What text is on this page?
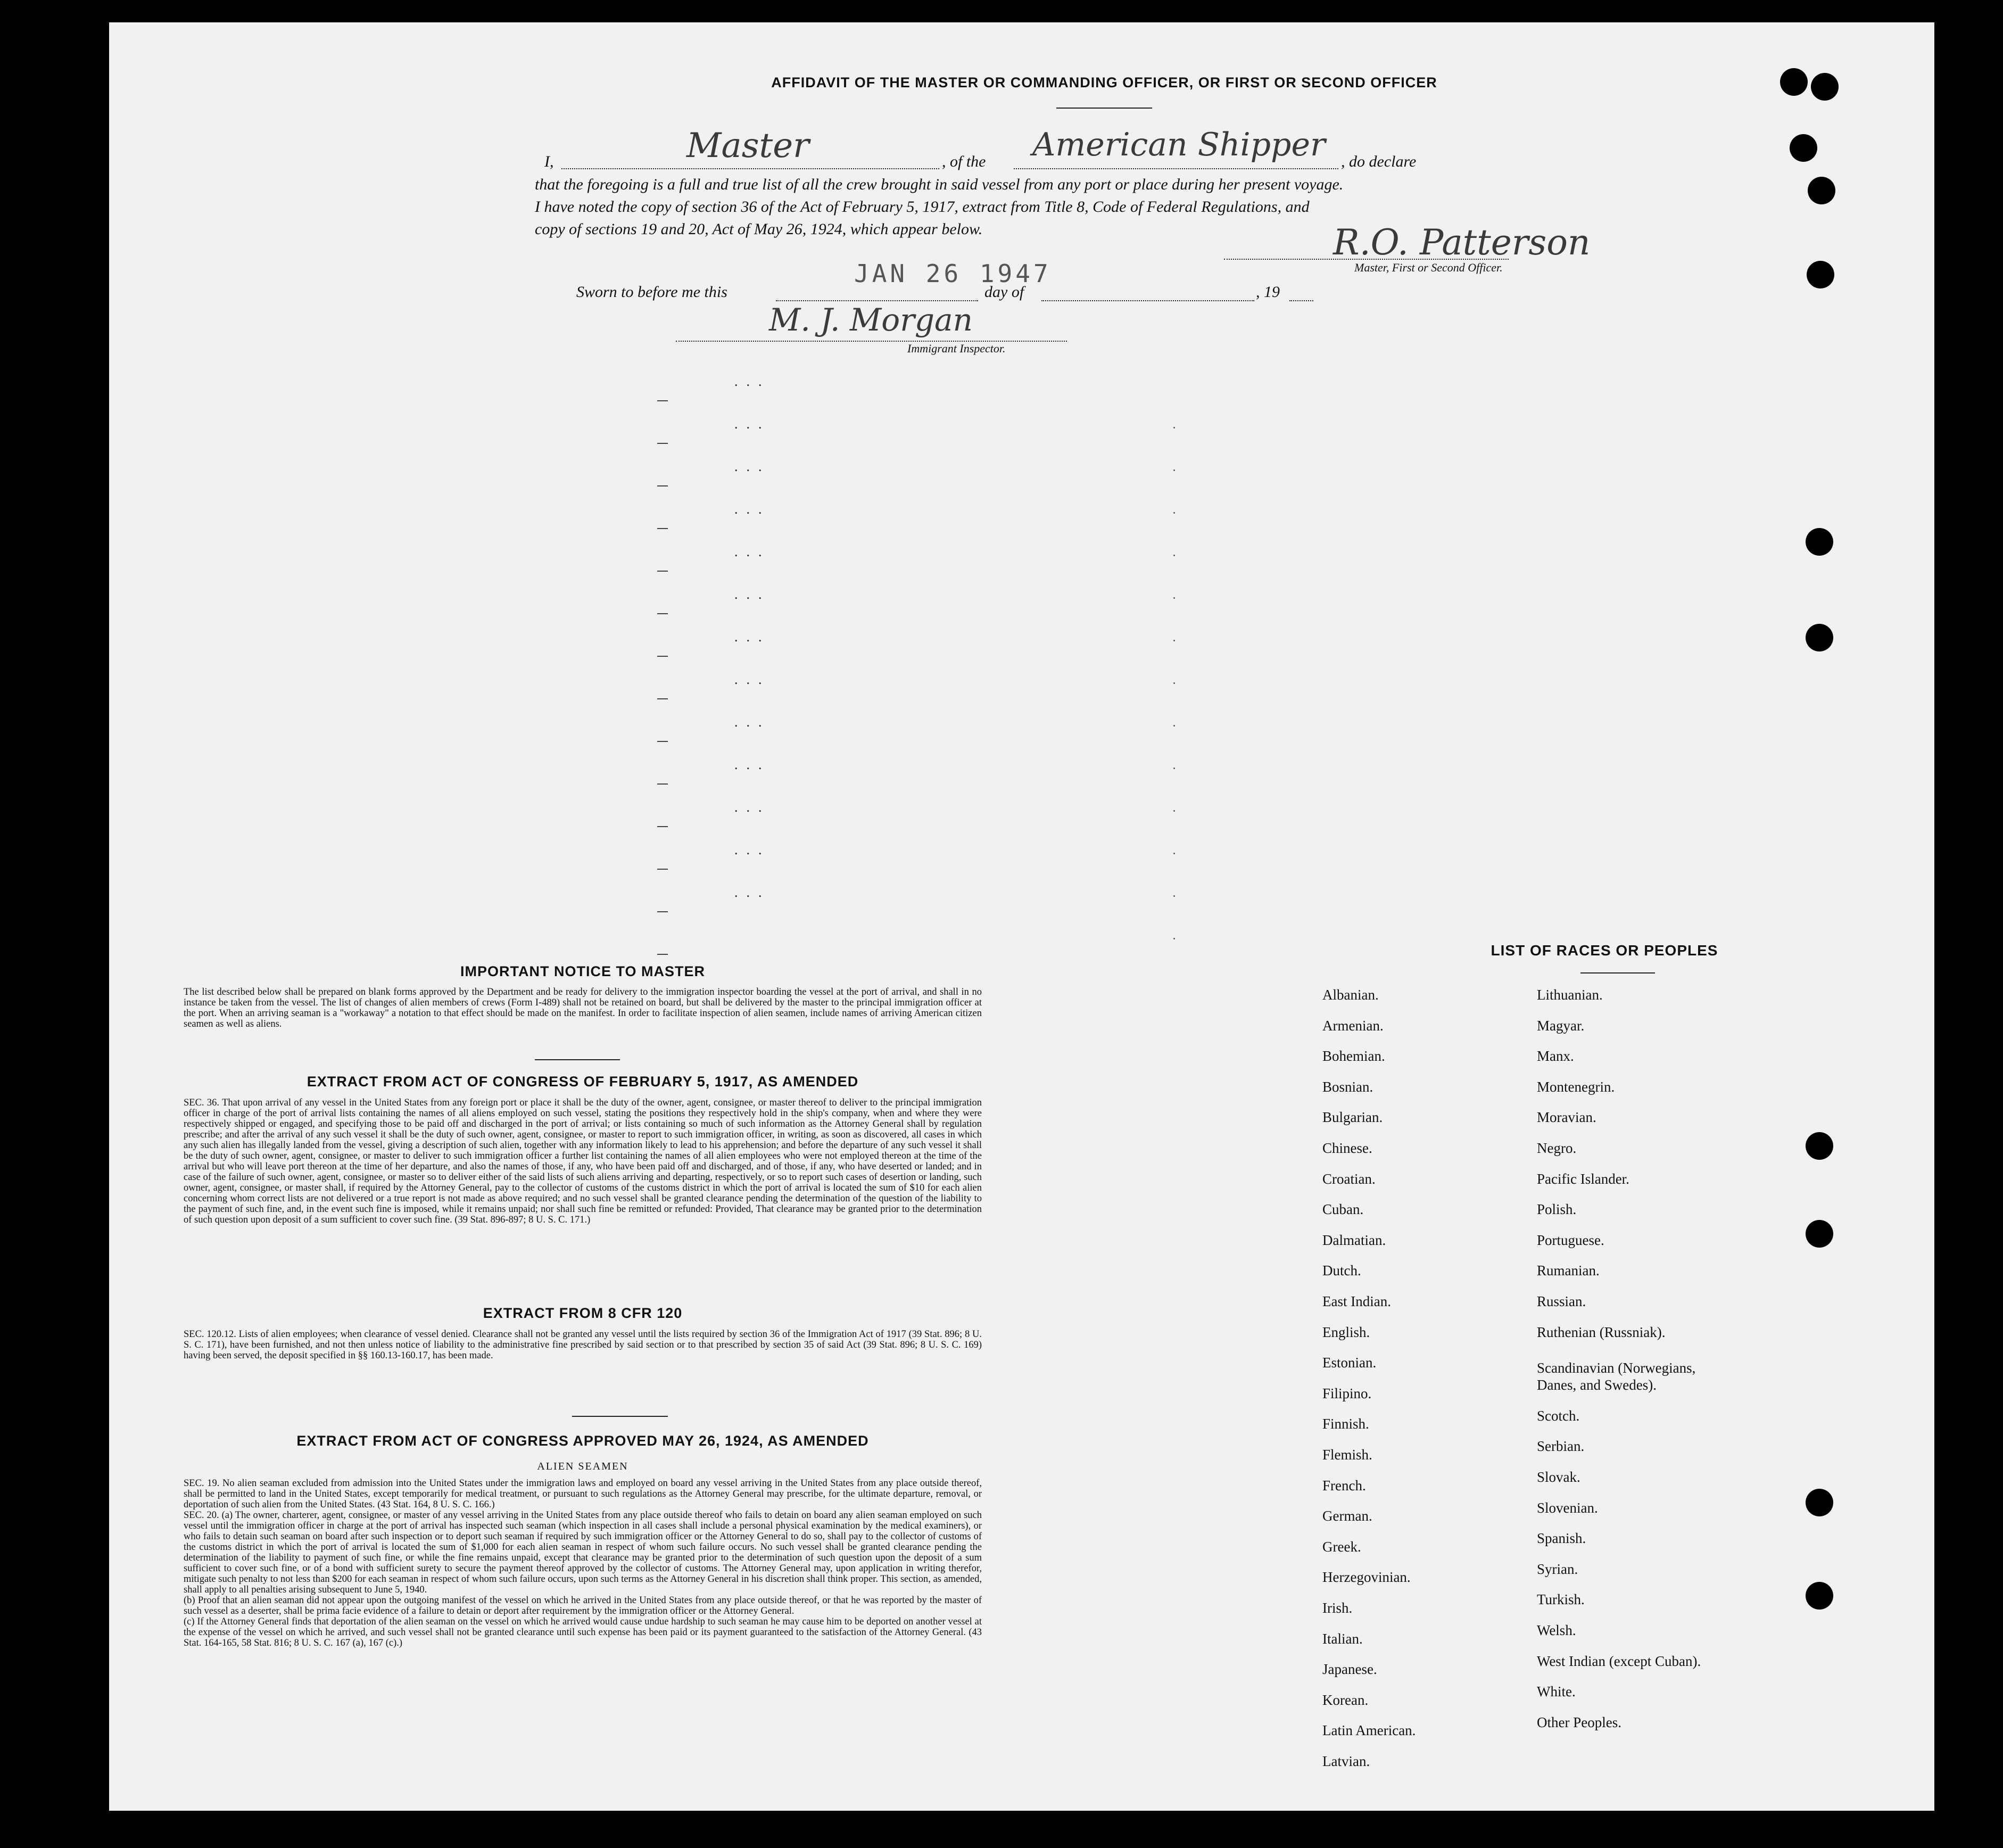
AFFIDAVIT OF THE MASTER OR COMMANDING OFFICER, OR FIRST OR SECOND OFFICER
I,	Master	, of the American Shipper , do declare
that the foregoing is a full and true list of all the crew brought in said vessel from any port or place during her present voyage.
I have noted the copy of section 36 of the Act of February 5, 1917, extract from Title 8, Code of Federal Regulations, and
copy of sections 19 and 20, Act of May 26, 1924, which appear below.	R.O. Patterson
Master, First or Second Officer.
JAN 26 1947
Sworn to before me this	day of	, 19
M. J. Morgan
Immigrant Inspector.
...
...
...
...
...
...
...
...
...
...
...
...
...
IMPORTANT NOTICE TO MASTER
The list described below shall be prepared on blank forms approved by the Department and be ready for delivery to the immigration inspector boarding the vessel at the port of arrival, and shall in no instance be taken from the vessel. The list of changes of alien members of crews (Form I-489) shall not be retained on board, but shall be delivered by the master to the principal immigration officer at the port. When an arriving seaman is a "workaway" a notation to that effect should be made on the manifest. In order to facilitate inspection of alien seamen, include names of arriving American citizen seamen as well as aliens.
EXTRACT FROM ACT OF CONGRESS OF FEBRUARY 5, 1917, AS AMENDED
SEC. 36. That upon arrival of any vessel in the United States from any foreign port or place it shall be the duty of the owner, agent, consignee, or master thereof to deliver to the principal immigration officer in charge of the port of arrival lists containing the names of all aliens employed on such vessel, stating the positions they respectively hold in the ship's company, when and where they were respectively shipped or engaged, and specifying those to be paid off and discharged in the port of arrival; or lists containing so much of such information as the Attorney General shall by regulation prescribe; and after the arrival of any such vessel it shall be the duty of such owner, agent, consignee, or master to report to such immigration officer, in writing, as soon as discovered, all cases in which any such alien has illegally landed from the vessel, giving a description of such alien, together with any information likely to lead to his apprehension; and before the departure of any such vessel it shall be the duty of such owner, agent, consignee, or master to deliver to such immigration officer a further list containing the names of all alien employees who were not employed thereon at the time of the arrival but who will leave port thereon at the time of her departure, and also the names of those, if any, who have been paid off and discharged, and of those, if any, who have deserted or landed; and in case of the failure of such owner, agent, consignee, or master so to deliver either of the said lists of such aliens arriving and departing, respectively, or so to report such cases of desertion or landing, such owner, agent, consignee, or master shall, if required by the Attorney General, pay to the collector of customs of the customs district in which the port of arrival is located the sum of $10 for each alien concerning whom correct lists are not delivered or a true report is not made as above required; and no such vessel shall be granted clearance pending the determination of the question of the liability to the payment of such fine, and, in the event such fine is imposed, while it remains unpaid; nor shall such fine be remitted or refunded: Provided, That clearance may be granted prior to the determination of such question upon deposit of a sum sufficient to cover such fine. (39 Stat. 896-897; 8 U. S. C. 171.)
EXTRACT FROM 8 CFR 120
SEC. 120.12. Lists of alien employees; when clearance of vessel denied. Clearance shall not be granted any vessel until the lists required by section 36 of the Immigration Act of 1917 (39 Stat. 896; 8 U. S. C. 171), have been furnished, and not then unless notice of liability to the administrative fine prescribed by said section or to that prescribed by section 35 of said Act (39 Stat. 896; 8 U. S. C. 169) having been served, the deposit specified in §§ 160.13-160.17, has been made.
EXTRACT FROM ACT OF CONGRESS APPROVED MAY 26, 1924, AS AMENDED
ALIEN SEAMEN
SEC. 19. No alien seaman excluded from admission into the United States under the immigration laws and employed on board any vessel arriving in the United States from any place outside thereof, shall be permitted to land in the United States, except temporarily for medical treatment, or pursuant to such regulations as the Attorney General may prescribe, for the ultimate departure, removal, or deportation of such alien from the United States. (43 Stat. 164, 8 U. S. C. 166.)
SEC. 20. (a) The owner, charterer, agent, consignee, or master of any vessel arriving in the United States from any place outside thereof who fails to detain on board any alien seaman employed on such vessel until the immigration officer in charge at the port of arrival has inspected such seaman (which inspection in all cases shall include a personal physical examination by the medical examiners), or who fails to detain such seaman on board after such inspection or to deport such seaman if required by such immigration officer or the Attorney General to do so, shall pay to the collector of customs of the customs district in which the port of arrival is located the sum of $1,000 for each alien seaman in respect of whom such failure occurs. No such vessel shall be granted clearance pending the determination of the liability to payment of such fine, or while the fine remains unpaid, except that clearance may be granted prior to the determination of such question upon the deposit of a sum sufficient to cover such fine, or of a bond with sufficient surety to secure the payment thereof approved by the collector of customs. The Attorney General may, upon application in writing therefor, mitigate such penalty to not less than $200 for each seaman in respect of whom such failure occurs, upon such terms as the Attorney General in his discretion shall think proper. This section, as amended, shall apply to all penalties arising subsequent to June 5, 1940.
(b) Proof that an alien seaman did not appear upon the outgoing manifest of the vessel on which he arrived in the United States from any place outside thereof, or that he was reported by the master of such vessel as a deserter, shall be prima facie evidence of a failure to detain or deport after requirement by the immigration officer or the Attorney General.
(c) If the Attorney General finds that deportation of the alien seaman on the vessel on which he arrived would cause undue hardship to such seaman he may cause him to be deported on another vessel at the expense of the vessel on which he arrived, and such vessel shall not be granted clearance until such expense has been paid or its payment guaranteed to the satisfaction of the Attorney General. (43 Stat. 164-165, 58 Stat. 816; 8 U. S. C. 167 (a), 167 (c).)
LIST OF RACES OR PEOPLES
Albanian.
Armenian.
Bohemian.
Bosnian.
Bulgarian.
Chinese.
Croatian.
Cuban.
Dalmatian.
Dutch.
East Indian.
English.
Estonian.
Filipino.
Finnish.
Flemish.
French.
German.
Greek.
Herzegovinian.
Irish.
Italian.
Japanese.
Korean.
Latin American.
Latvian.
Lithuanian.
Magyar.
Manx.
Montenegrin.
Moravian.
Negro.
Pacific Islander.
Polish.
Portuguese.
Rumanian.
Russian.
Ruthenian (Russniak).
Scandinavian (Norwegians,
Danes, and Swedes).
Scotch.
Serbian.
Slovak.
Slovenian.
Spanish.
Syrian.
Turkish.
Welsh.
West Indian (except Cuban).
White.
Other Peoples.
